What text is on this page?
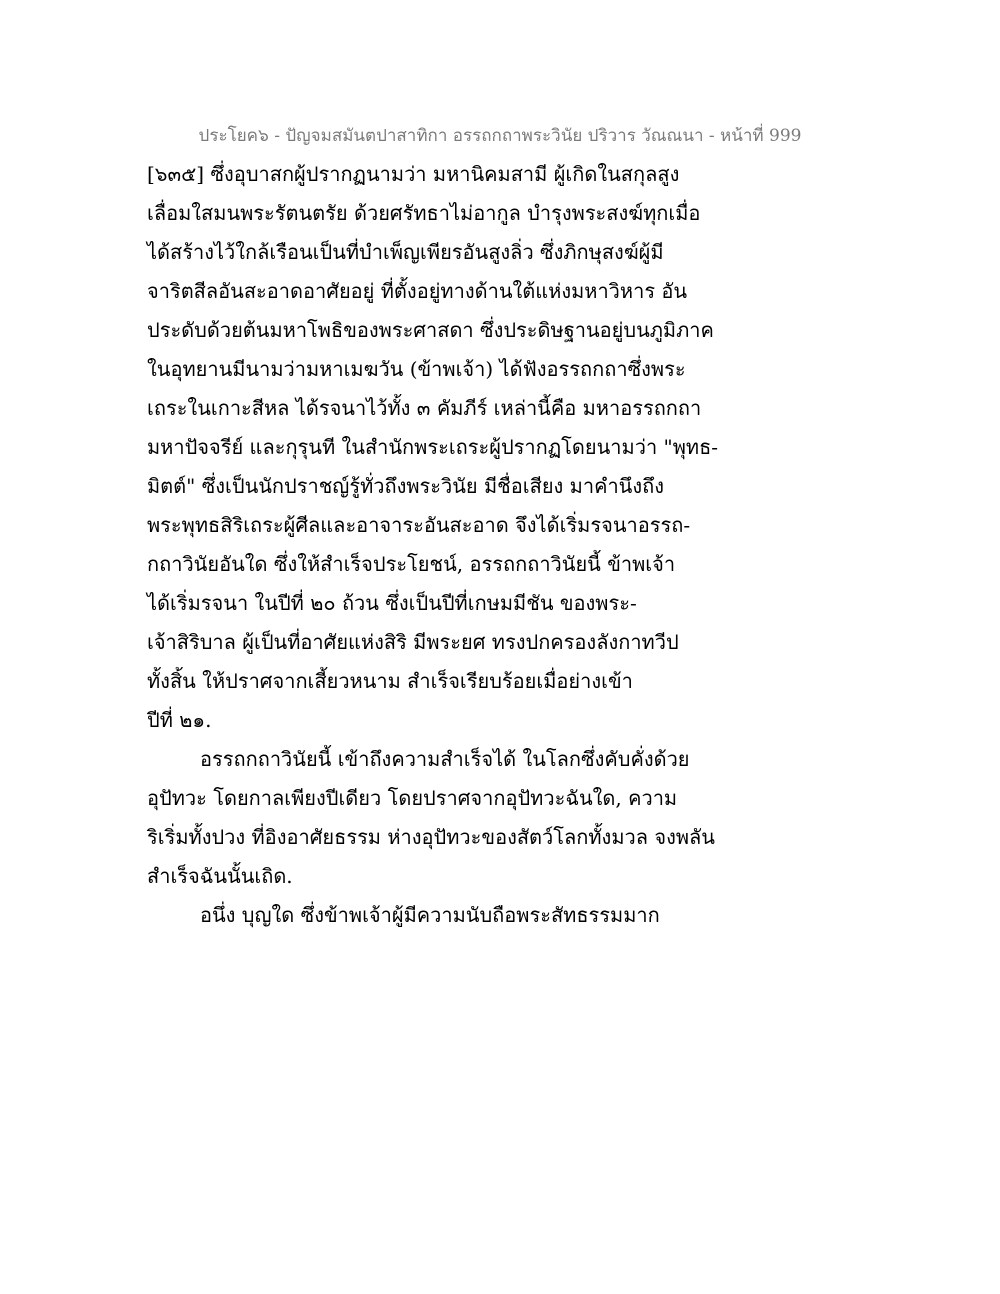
ประโยค๖ - ปัญจมสมันตปาสาทิกา อรรถกถาพระวินัย ปริวาร วัณณนา - หน้าที่ 999
[๖๓๕] ซึ่งอุบาสกผู้ปรากฏนามว่า มหานิคมสามี ผู้เกิดในสกุลสูง
เลื่อมใสมนพระรัตนตรัย ด้วยศรัทธาไม่อากูล บำรุงพระสงฆ์ทุกเมื่อ
ได้สร้างไว้ใกล้เรือนเป็นที่บำเพ็ญเพียรอันสูงลิ่ว ซึ่งภิกษุสงฆ์ผู้มี
จาริตสีลอันสะอาดอาศัยอยู่ ที่ตั้งอยู่ทางด้านใต้แห่งมหาวิหาร อัน
ประดับด้วยต้นมหาโพธิของพระศาสดา ซึ่งประดิษฐานอยู่บนภูมิภาค
ในอุทยานมีนามว่ามหาเมฆวัน (ข้าพเจ้า) ได้ฟังอรรถกถาซึ่งพระ
เถระในเกาะสีหล ได้รจนาไว้ทั้ง ๓ คัมภีร์ เหล่านี้คือ มหาอรรถกถา
มหาปัจจรีย์ และกุรุนที ในสำนักพระเถระผู้ปรากฏโดยนามว่า "พุทธ-
มิตต์" ซึ่งเป็นนักปราชญ์รู้ทั่วถึงพระวินัย มีชื่อเสียง มาคำนึงถึง
พระพุทธสิริเถระผู้ศีลและอาจาระอันสะอาด จึงได้เริ่มรจนาอรรถ-
กถาวินัยอันใด ซึ่งให้สำเร็จประโยชน์, อรรถกถาวินัยนี้ ข้าพเจ้า
ได้เริ่มรจนา ในปีที่ ๒๐ ถ้วน ซึ่งเป็นปีที่เกษมมีชัน ของพระ-
เจ้าสิริบาล ผู้เป็นที่อาศัยแห่งสิริ มีพระยศ ทรงปกครองลังกาทวีป
ทั้งสิ้น ให้ปราศจากเสี้ยวหนาม สำเร็จเรียบร้อยเมื่อย่างเข้า
ปีที่ ๒๑.
อรรถกถาวินัยนี้ เข้าถึงความสำเร็จได้ ในโลกซึ่งคับคั่งด้วย
อุปัทวะ โดยกาลเพียงปีเดียว โดยปราศจากอุปัทวะฉันใด, ความ
ริเริ่มทั้งปวง ที่อิงอาศัยธรรม ห่างอุปัทวะของสัตว์โลกทั้งมวล จงพลัน
สำเร็จฉันนั้นเถิด.
อนึ่ง บุญใด ซึ่งข้าพเจ้าผู้มีความนับถือพระสัทธรรมมาก
